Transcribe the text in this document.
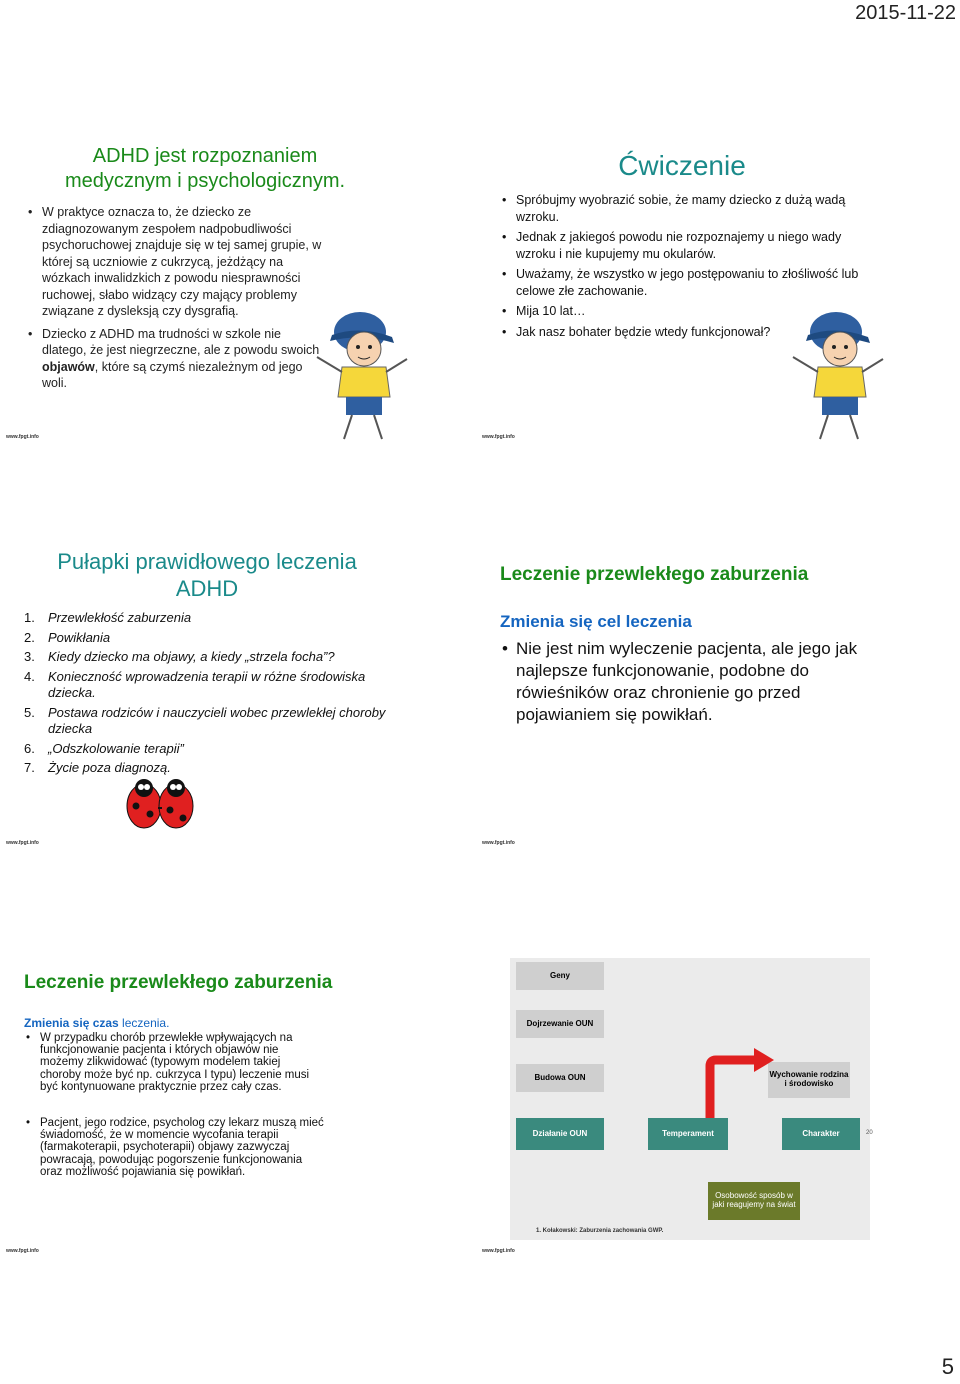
2015-11-22
ADHD jest rozpoznaniem medycznym i psychologicznym.
• W praktyce oznacza to, że dziecko ze zdiagnozowanym zespołem nadpobudliwości psychoruchowej znajduje się w tej samej grupie, w której są uczniowie z cukrzycą, jeżdżący na wózkach inwalidzkich z powodu niesprawności ruchowej, słabo widzący czy mający problemy związane z dysleksją czy dysgrafią.
• Dziecko z ADHD ma trudności w szkole nie dlatego, że jest niegrzeczne, ale z powodu swoich objawów, które są czymś niezależnym od jego woli.
www.fpgt.info
Ćwiczenie
• Spróbujmy wyobrazić sobie, że mamy dziecko z dużą wadą wzroku.
• Jednak z jakiegoś powodu nie rozpoznajemy u niego wady wzroku i nie kupujemy mu okularów.
• Uważamy, że wszystko w jego postępowaniu to złośliwość lub celowe złe zachowanie.
• Mija 10 lat…
• Jak nasz bohater będzie wtedy funkcjonował?
www.fpgt.info
Pułapki prawidłowego leczenia ADHD
1. Przewlekłość zaburzenia
2. Powikłania
3. Kiedy dziecko ma objawy, a kiedy „strzela focha”?
4. Konieczność wprowadzenia terapii w różne środowiska dziecka.
5. Postawa rodziców i nauczycieli wobec przewlekłej choroby dziecka
6. „Odszkolowanie terapii”
7. Życie poza diagnozą.
www.fpgt.info
Leczenie przewlekłego zaburzenia
Zmienia się cel leczenia
• Nie jest nim wyleczenie pacjenta, ale jego jak najlepsze funkcjonowanie, podobne do rówieśników oraz chronienie go przed pojawianiem się powikłań.
www.fpgt.info
Leczenie przewlekłego zaburzenia
Zmienia się czas leczenia.
• W przypadku chorób przewlekłe wpływających na funkcjonowanie pacjenta i których objawów nie możemy zlikwidować (typowym modelem takiej choroby może być np. cukrzyca I typu) leczenie musi być kontynuowane praktycznie przez cały czas.
• Pacjent, jego rodzice, psycholog czy lekarz muszą mieć świadomość, że w momencie wycofania terapii (farmakoterapii, psychoterapii) objawy zazwyczaj powracają, powodując pogorszenie funkcjonowania oraz możliwość pojawiania się powikłań.
www.fpgt.info
Geny
Dojrzewanie OUN
Budowa OUN	Wychowanie rodzina i środowisko
Działanie OUN	Temperament	Charakter	20
Osobowość sposób w jaki reagujemy na świat
1. Kołakowski: Zaburzenia zachowania GWP.
www.fpgt.info
5
